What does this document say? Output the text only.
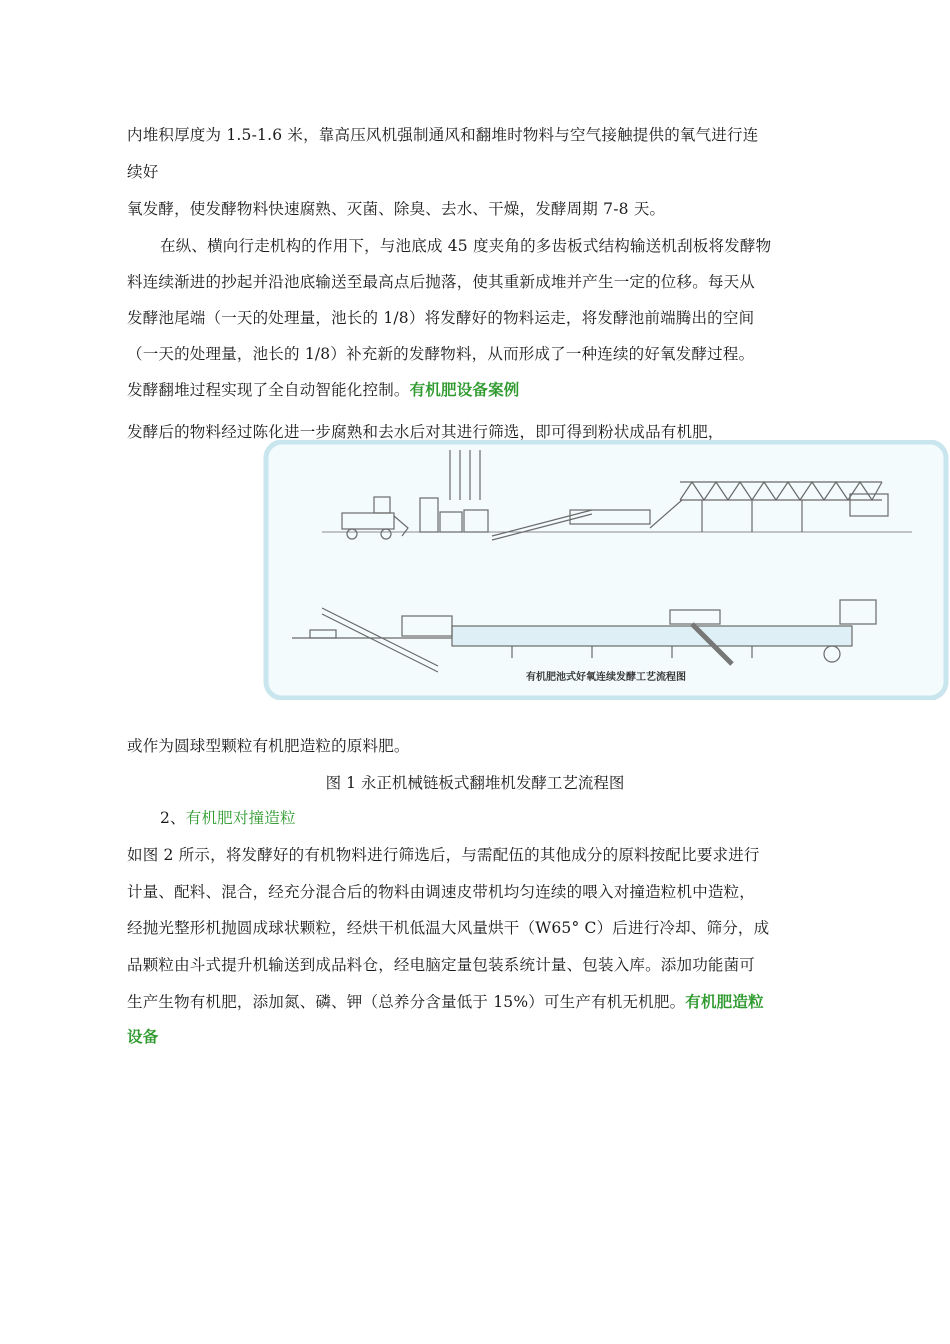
内堆积厚度为 1.5-1.6 米，靠高压风机强制通风和翻堆时物料与空气接触提供的氧气进行连
续好
氧发酵，使发酵物料快速腐熟、灭菌、除臭、去水、干燥，发酵周期 7-8 天。
在纵、横向行走机构的作用下，与池底成 45 度夹角的多齿板式结构输送机刮板将发酵物
料连续渐进的抄起并沿池底输送至最高点后抛落，使其重新成堆并产生一定的位移。每天从
发酵池尾端（一天的处理量，池长的 1/8）将发酵好的物料运走，将发酵池前端腾出的空间
（一天的处理量，池长的 1/8）补充新的发酵物料，从而形成了一种连续的好氧发酵过程。
发酵翻堆过程实现了全自动智能化控制。有机肥设备案例
发酵后的物料经过陈化进一步腐熟和去水后对其进行筛选，即可得到粉状成品有机肥，
有机肥池式好氧连续发酵工艺流程图
或作为圆球型颗粒有机肥造粒的原料肥。
图 1 永正机械链板式翻堆机发酵工艺流程图
2、有机肥对撞造粒
如图 2 所示，将发酵好的有机物料进行筛选后，与需配伍的其他成分的原料按配比要求进行
计量、配料、混合，经充分混合后的物料由调速皮带机均匀连续的喂入对撞造粒机中造粒，
经抛光整形机抛圆成球状颗粒，经烘干机低温大风量烘干（W65° C）后进行冷却、筛分，成
品颗粒由斗式提升机输送到成品料仓，经电脑定量包装系统计量、包装入库。添加功能菌可
生产生物有机肥，添加氮、磷、钾（总养分含量低于 15%）可生产有机无机肥。有机肥造粒
设备
